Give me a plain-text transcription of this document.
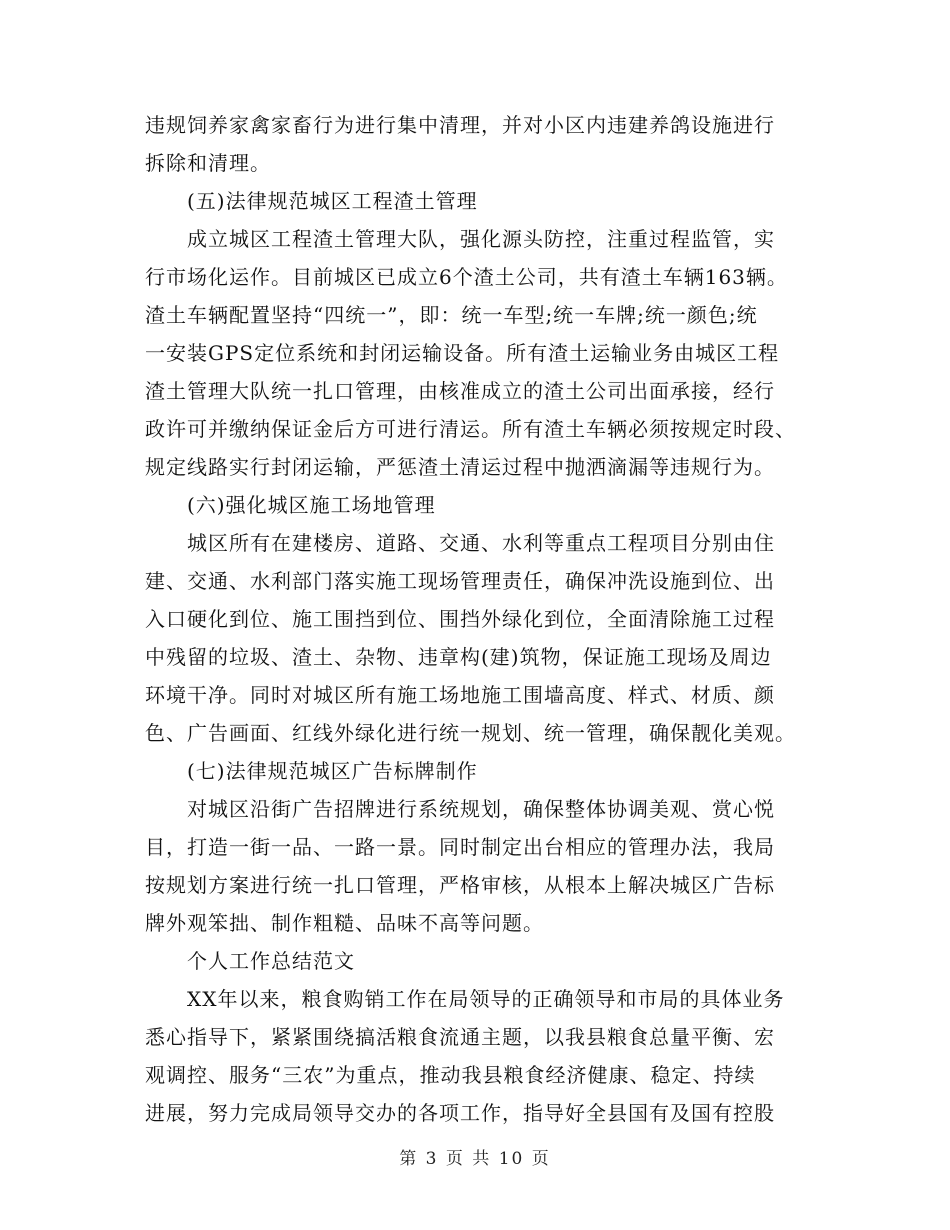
违规饲养家禽家畜行为进行集中清理，并对小区内违建养鸽设施进行

拆除和清理。

(五)法律规范城区工程渣土管理

成立城区工程渣土管理大队，强化源头防控，注重过程监管，实

行市场化运作。目前城区已成立6个渣土公司，共有渣土车辆163辆。

渣土车辆配置坚持“四统一”，即：统一车型;统一车牌;统一颜色;统

一安装GPS定位系统和封闭运输设备。所有渣土运输业务由城区工程

渣土管理大队统一扎口管理，由核准成立的渣土公司出面承接，经行

政许可并缴纳保证金后方可进行清运。所有渣土车辆必须按规定时段、

规定线路实行封闭运输，严惩渣土清运过程中抛洒滴漏等违规行为。

(六)强化城区施工场地管理

城区所有在建楼房、道路、交通、水利等重点工程项目分别由住

建、交通、水利部门落实施工现场管理责任，确保冲洗设施到位、出

入口硬化到位、施工围挡到位、围挡外绿化到位，全面清除施工过程

中残留的垃圾、渣土、杂物、违章构(建)筑物，保证施工现场及周边

环境干净。同时对城区所有施工场地施工围墙高度、样式、材质、颜

色、广告画面、红线外绿化进行统一规划、统一管理，确保靓化美观。

(七)法律规范城区广告标牌制作

对城区沿街广告招牌进行系统规划，确保整体协调美观、赏心悦

目，打造一街一品、一路一景。同时制定出台相应的管理办法，我局

按规划方案进行统一扎口管理，严格审核，从根本上解决城区广告标

牌外观笨拙、制作粗糙、品味不高等问题。

个人工作总结范文

XX年以来，粮食购销工作在局领导的正确领导和市局的具体业务

悉心指导下，紧紧围绕搞活粮食流通主题，以我县粮食总量平衡、宏

观调控、服务“三农”为重点，推动我县粮食经济健康、稳定、持续

进展，努力完成局领导交办的各项工作，指导好全县国有及国有控股

第 3 页 共 10 页
